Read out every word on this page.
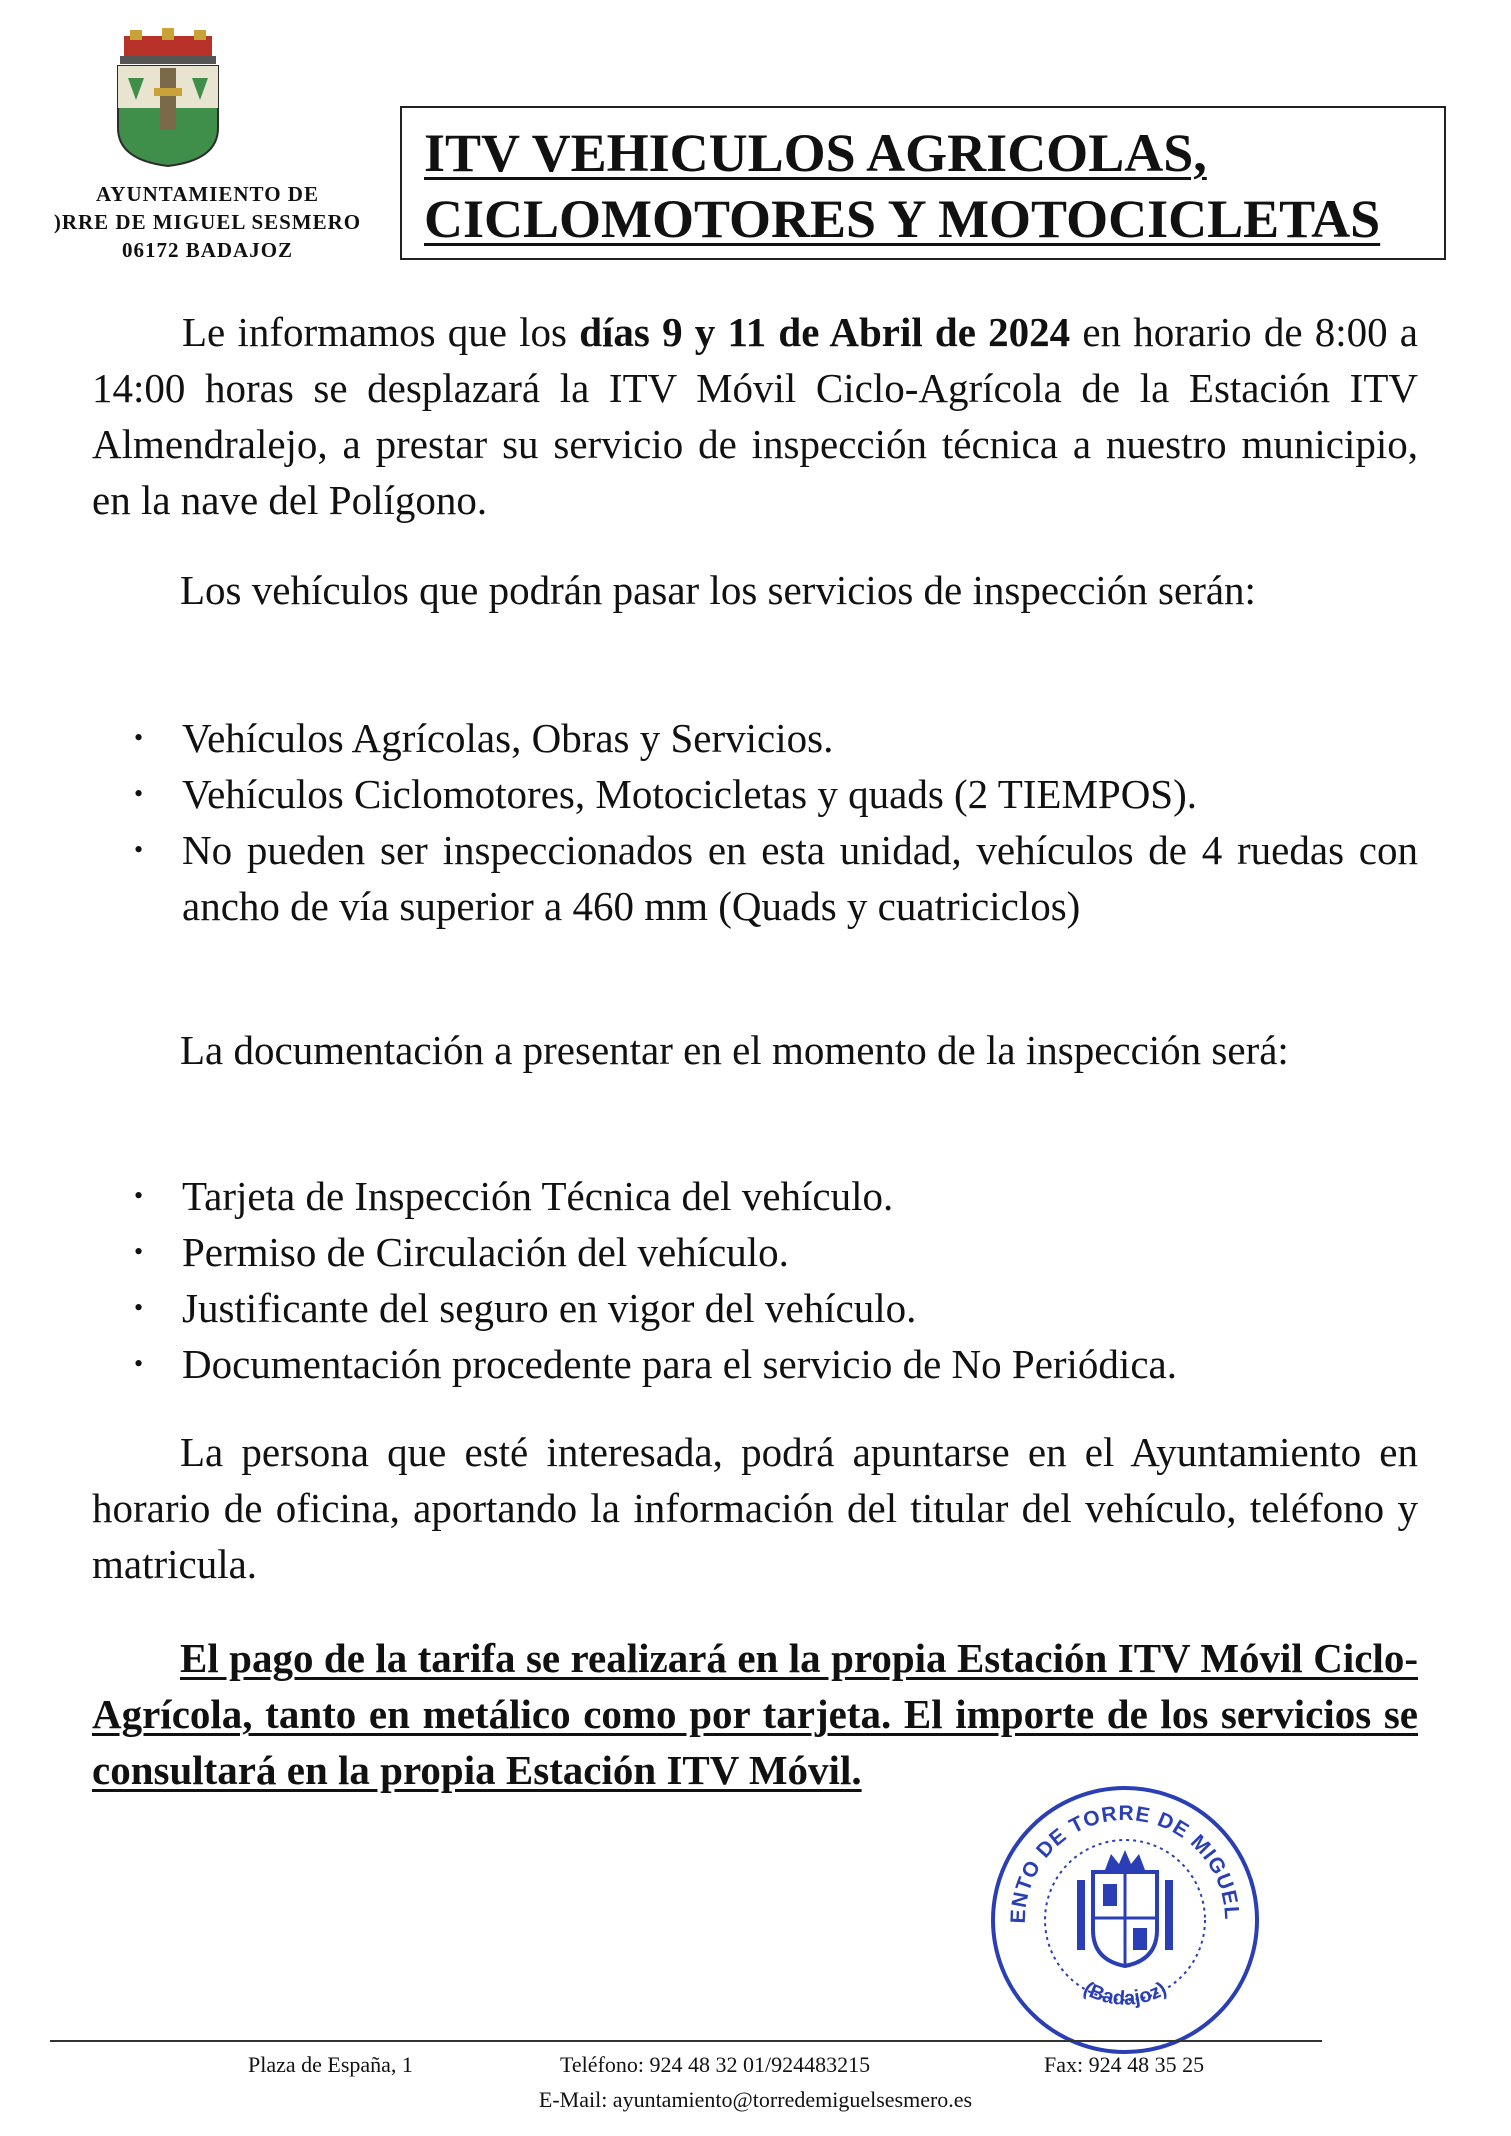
AYUNTAMIENTO DE
)RRE DE MIGUEL SESMERO
06172 BADAJOZ
ITV VEHICULOS AGRICOLAS,
CICLOMOTORES Y MOTOCICLETAS
Le informamos que los días 9 y 11 de Abril de 2024 en horario de 8:00 a 14:00 horas se desplazará la ITV Móvil Ciclo-Agrícola de la Estación ITV Almendralejo, a prestar su servicio de inspección técnica a nuestro municipio, en la nave del Polígono.
Los vehículos que podrán pasar los servicios de inspección serán:
• Vehículos Agrícolas, Obras y Servicios.
• Vehículos Ciclomotores, Motocicletas y quads (2 TIEMPOS).
• No pueden ser inspeccionados en esta unidad, vehículos de 4 ruedas con ancho de vía superior a 460 mm (Quads y cuatriciclos)
La documentación a presentar en el momento de la inspección será:
• Tarjeta de Inspección Técnica del vehículo.
• Permiso de Circulación del vehículo.
• Justificante del seguro en vigor del vehículo.
• Documentación procedente para el servicio de No Periódica.
La persona que esté interesada, podrá apuntarse en el Ayuntamiento en horario de oficina, aportando la información del titular del vehículo, teléfono y matricula.
El pago de la tarifa se realizará en la propia Estación ITV Móvil Ciclo-Agrícola, tanto en metálico como por tarjeta. El importe de los servicios se consultará en la propia Estación ITV Móvil.
ENTO DE TORRE DE MIGUEL
(Badajoz)
Plaza de España, 1	Teléfono: 924 48 32 01/924483215	Fax: 924 48 35 25
E-Mail: ayuntamiento@torredemiguelsesmero.es
